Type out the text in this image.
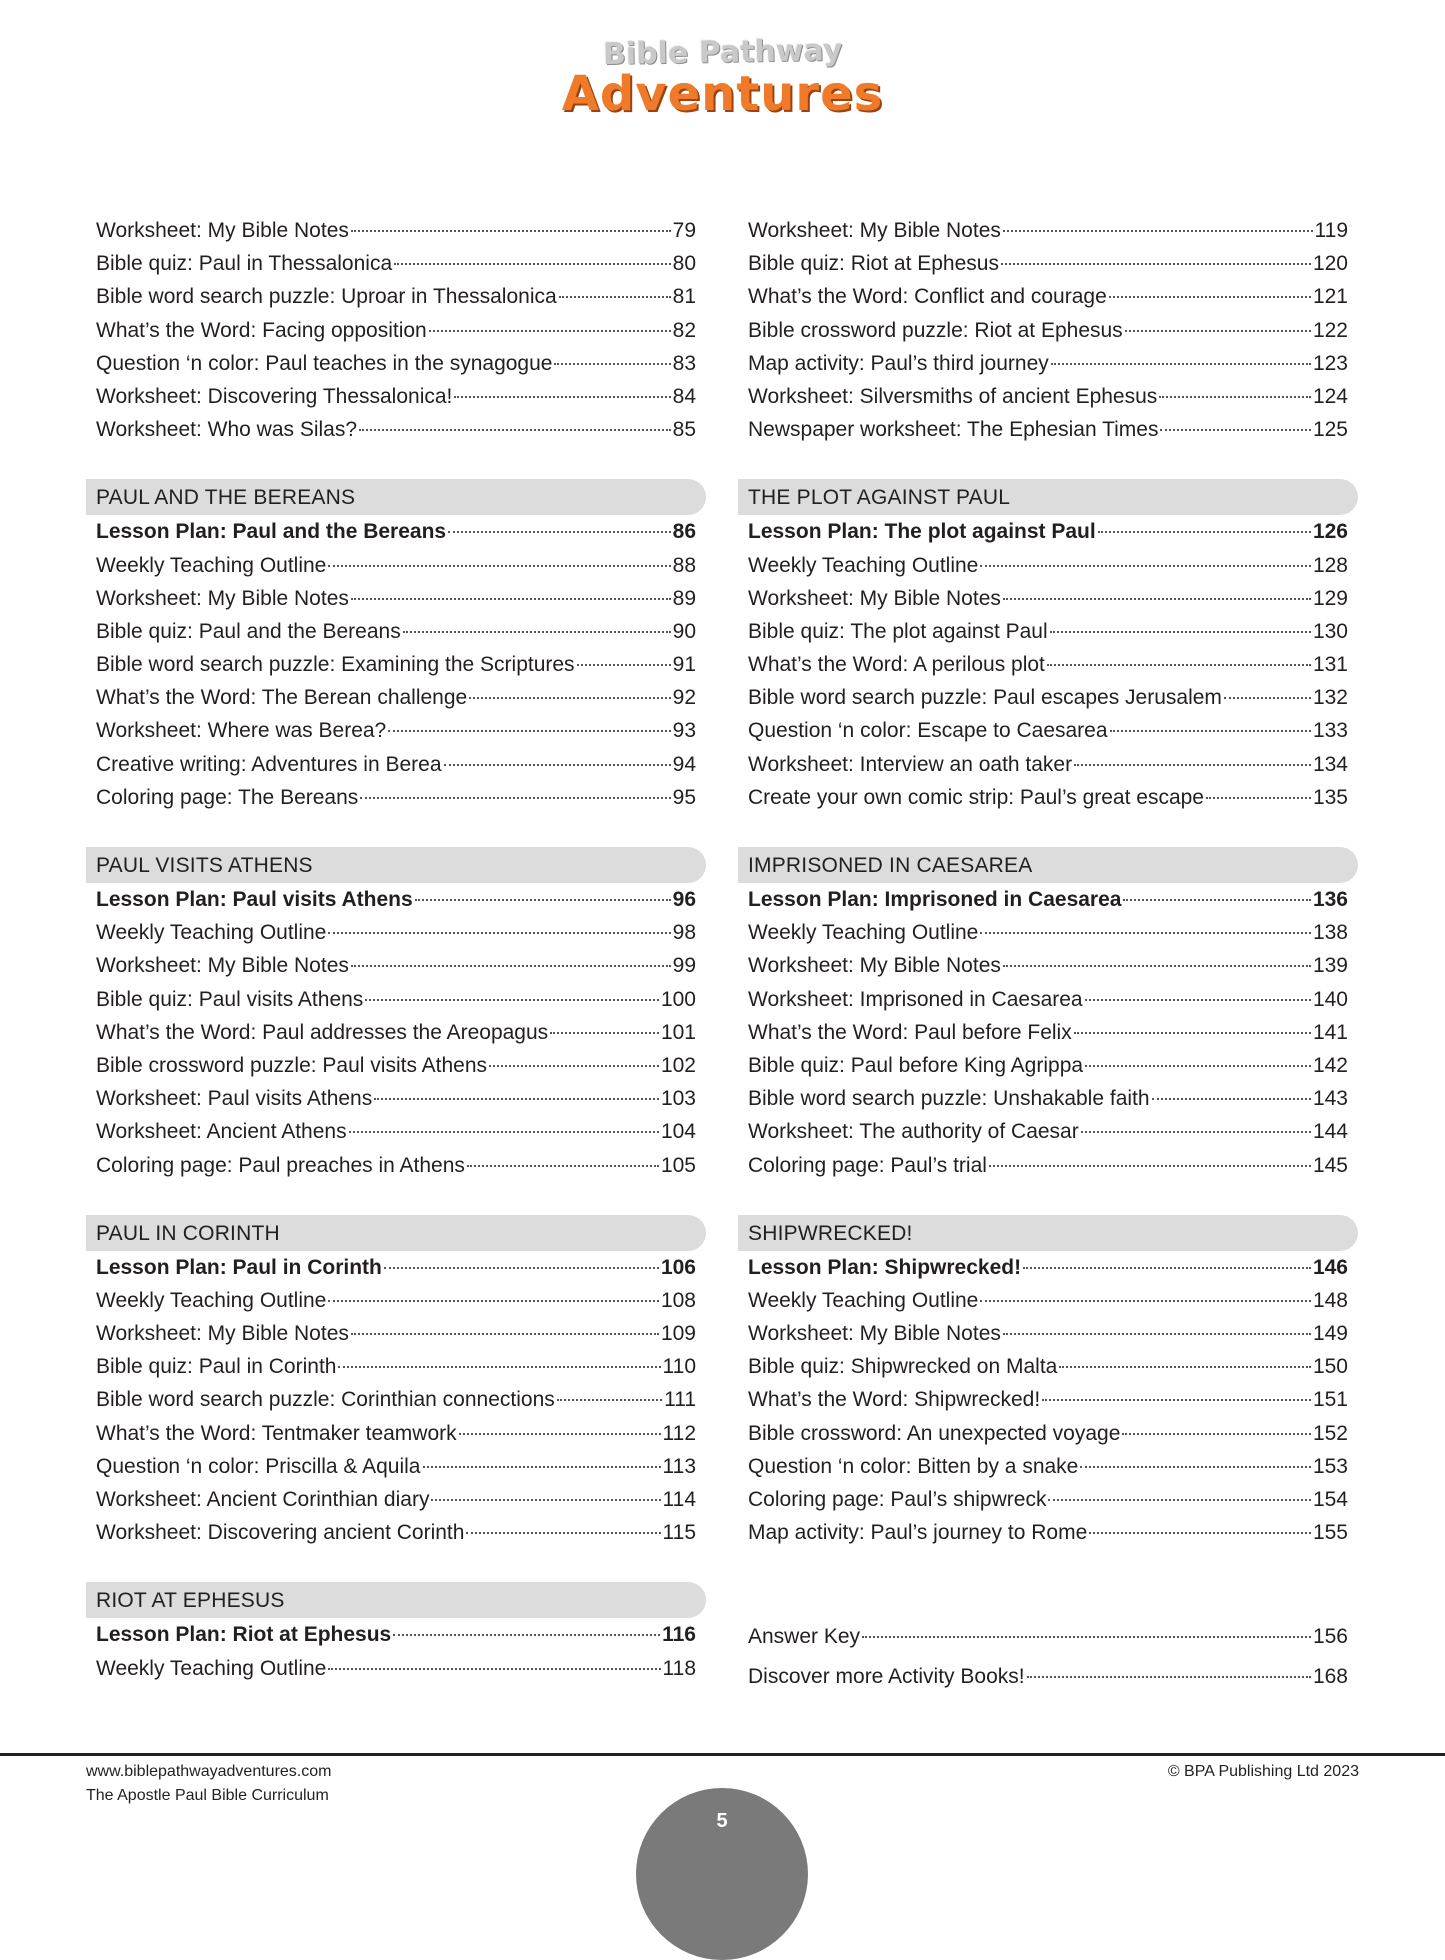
Bible Pathway
Adventures
Worksheet: My Bible Notes	79
Bible quiz: Paul in Thessalonica	80
Bible word search puzzle: Uproar in Thessalonica	81
What’s the Word: Facing opposition	82
Question ‘n color: Paul teaches in the synagogue	83
Worksheet: Discovering Thessalonica!	84
Worksheet: Who was Silas?	85
PAUL AND THE BEREANS
Lesson Plan: Paul and the Bereans	86
Weekly Teaching Outline	88
Worksheet: My Bible Notes	89
Bible quiz: Paul and the Bereans	90
Bible word search puzzle: Examining the Scriptures	91
What’s the Word: The Berean challenge	92
Worksheet: Where was Berea?	93
Creative writing: Adventures in Berea	94
Coloring page: The Bereans	95
PAUL VISITS ATHENS
Lesson Plan: Paul visits Athens	96
Weekly Teaching Outline	98
Worksheet: My Bible Notes	99
Bible quiz: Paul visits Athens	100
What’s the Word: Paul addresses the Areopagus	101
Bible crossword puzzle: Paul visits Athens	102
Worksheet: Paul visits Athens	103
Worksheet: Ancient Athens	104
Coloring page: Paul preaches in Athens	105
PAUL IN CORINTH
Lesson Plan: Paul in Corinth	106
Weekly Teaching Outline	108
Worksheet: My Bible Notes	109
Bible quiz: Paul in Corinth	110
Bible word search puzzle: Corinthian connections	111
What’s the Word: Tentmaker teamwork	112
Question ‘n color: Priscilla & Aquila	113
Worksheet: Ancient Corinthian diary	114
Worksheet: Discovering ancient Corinth	115
RIOT AT EPHESUS
Lesson Plan: Riot at Ephesus	116
Weekly Teaching Outline	118
Worksheet: My Bible Notes	119
Bible quiz: Riot at Ephesus	120
What’s the Word: Conflict and courage	121
Bible crossword puzzle: Riot at Ephesus	122
Map activity: Paul’s third journey	123
Worksheet: Silversmiths of ancient Ephesus	124
Newspaper worksheet: The Ephesian Times	125
THE PLOT AGAINST PAUL
Lesson Plan: The plot against Paul	126
Weekly Teaching Outline	128
Worksheet: My Bible Notes	129
Bible quiz: The plot against Paul	130
What’s the Word: A perilous plot	131
Bible word search puzzle: Paul escapes Jerusalem	132
Question ‘n color: Escape to Caesarea	133
Worksheet: Interview an oath taker	134
Create your own comic strip: Paul’s great escape	135
IMPRISONED IN CAESAREA
Lesson Plan: Imprisoned in Caesarea	136
Weekly Teaching Outline	138
Worksheet: My Bible Notes	139
Worksheet: Imprisoned in Caesarea	140
What’s the Word: Paul before Felix	141
Bible quiz: Paul before King Agrippa	142
Bible word search puzzle: Unshakable faith	143
Worksheet: The authority of Caesar	144
Coloring page: Paul’s trial	145
SHIPWRECKED!
Lesson Plan: Shipwrecked!	146
Weekly Teaching Outline	148
Worksheet: My Bible Notes	149
Bible quiz: Shipwrecked on Malta	150
What’s the Word: Shipwrecked!	151
Bible crossword: An unexpected voyage	152
Question ‘n color: Bitten by a snake	153
Coloring page: Paul’s shipwreck	154
Map activity: Paul’s journey to Rome	155
Answer Key	156
Discover more Activity Books!	168
www.biblepathwayadventures.com
The Apostle Paul Bible Curriculum
© BPA Publishing Ltd 2023
5
